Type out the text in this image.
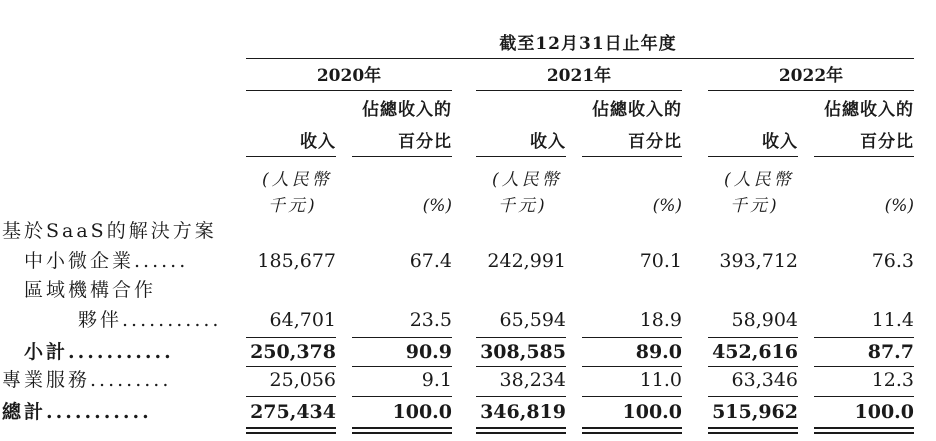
截至12月31日止年度
2020年	2021年	2022年
佔總收入的	佔總收入的	佔總收入的
收入	百分比	收入	百分比	收入	百分比
(人民幣
千元)	(%)
(人民幣
千元)	(%)
(人民幣
千元)	(%)
基於SaaS的解決方案
中小微企業......	185,677	67.4	242,991	70.1	393,712	76.3
區域機構合作
夥伴...........	64,701	23.5	65,594	18.9	58,904	11.4
小計...........	250,378	90.9 308,585	89.0 452,616	87.7
專業服務.........	25,056	9.1	38,234	11.0	63,346	12.3
總計...........	275,434	100.0 346,819	100.0 515,962	100.0
